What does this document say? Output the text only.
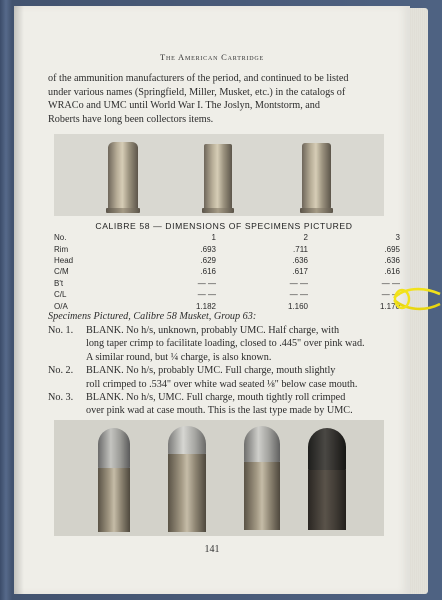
The American Cartridge
of the ammunition manufacturers of the period, and continued to be listed
under various names (Springfield, Miller, Musket, etc.) in the catalogs of
WRACo and UMC until World War I. The Joslyn, Montstorm, and
Roberts have long been collectors items.
CALIBRE 58 — DIMENSIONS OF SPECIMENS PICTURED
No.	1	2	3
Rim	.693	.711	.695
Head	.629	.636	.636
C/M	.616	.617	.616
B't	— —	— —	— —
C/L	— —	— —	— —
O/A	1.182	1.160	1.170
Specimens Pictured, Calibre 58 Musket, Group 63:
No. 1.	BLANK. No h/s, unknown, probably UMC. Half charge, with
long taper crimp to facilitate loading, closed to .445" over pink wad.
A similar round, but ¼ charge, is also known.
No. 2.	BLANK. No h/s, probably UMC. Full charge, mouth slightly
roll crimped to .534" over white wad seated ⅛" below case mouth.
No. 3.	BLANK. No h/s, UMC. Full charge, mouth tightly roll crimped
over pink wad at case mouth. This is the last type made by UMC.
141
